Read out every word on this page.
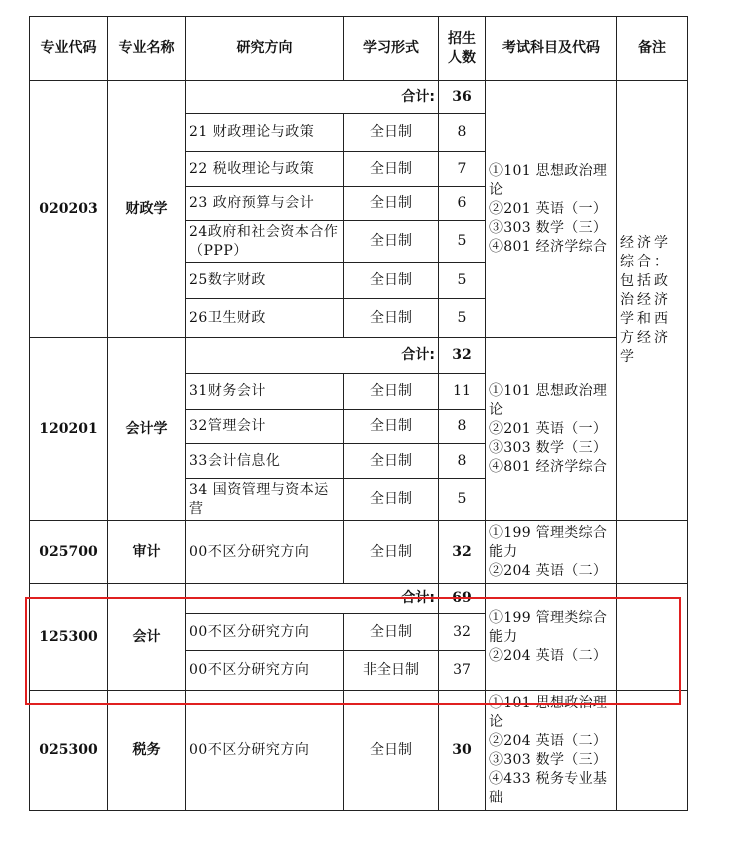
专业代码	专业名称	研究方向	学习形式	招生人数	考试科目及代码	备注
020203	财政学	合计:		36	①101 思想政治理论
②201 英语（一）
③303 数学（三）
④801 经济学综合	经济学综合：包括政治经济学和西方经济学

		21 财政理论与政策	全日制	8		
		22 税收理论与政策	全日制	7		
		23 政府预算与会计	全日制	6		
		24政府和社会资本合作（PPP）	全日制	5		
		25数字财政	全日制	5		
		26卫生财政	全日制	5		
120201	会计学	合计:		32	①101 思想政治理论
②201 英语（一）
③303 数学（三）
④801 经济学综合	

		31财务会计	全日制	11		
		32管理会计	全日制	8		
		33会计信息化	全日制	8		
		34 国资管理与资本运营	全日制	5		
025700	审计	00不区分研究方向	全日制	32	①199 管理类综合能力
②204 英语（二）	

125300	会计	合计:		69	①199 管理类综合能力
②204 英语（二）	

		00不区分研究方向	全日制	32		
		00不区分研究方向	非全日制	37		
025300	税务	00不区分研究方向	全日制	30	①101 思想政治理论
②204 英语（二）
③303 数学（三）
④433 税务专业基础	
